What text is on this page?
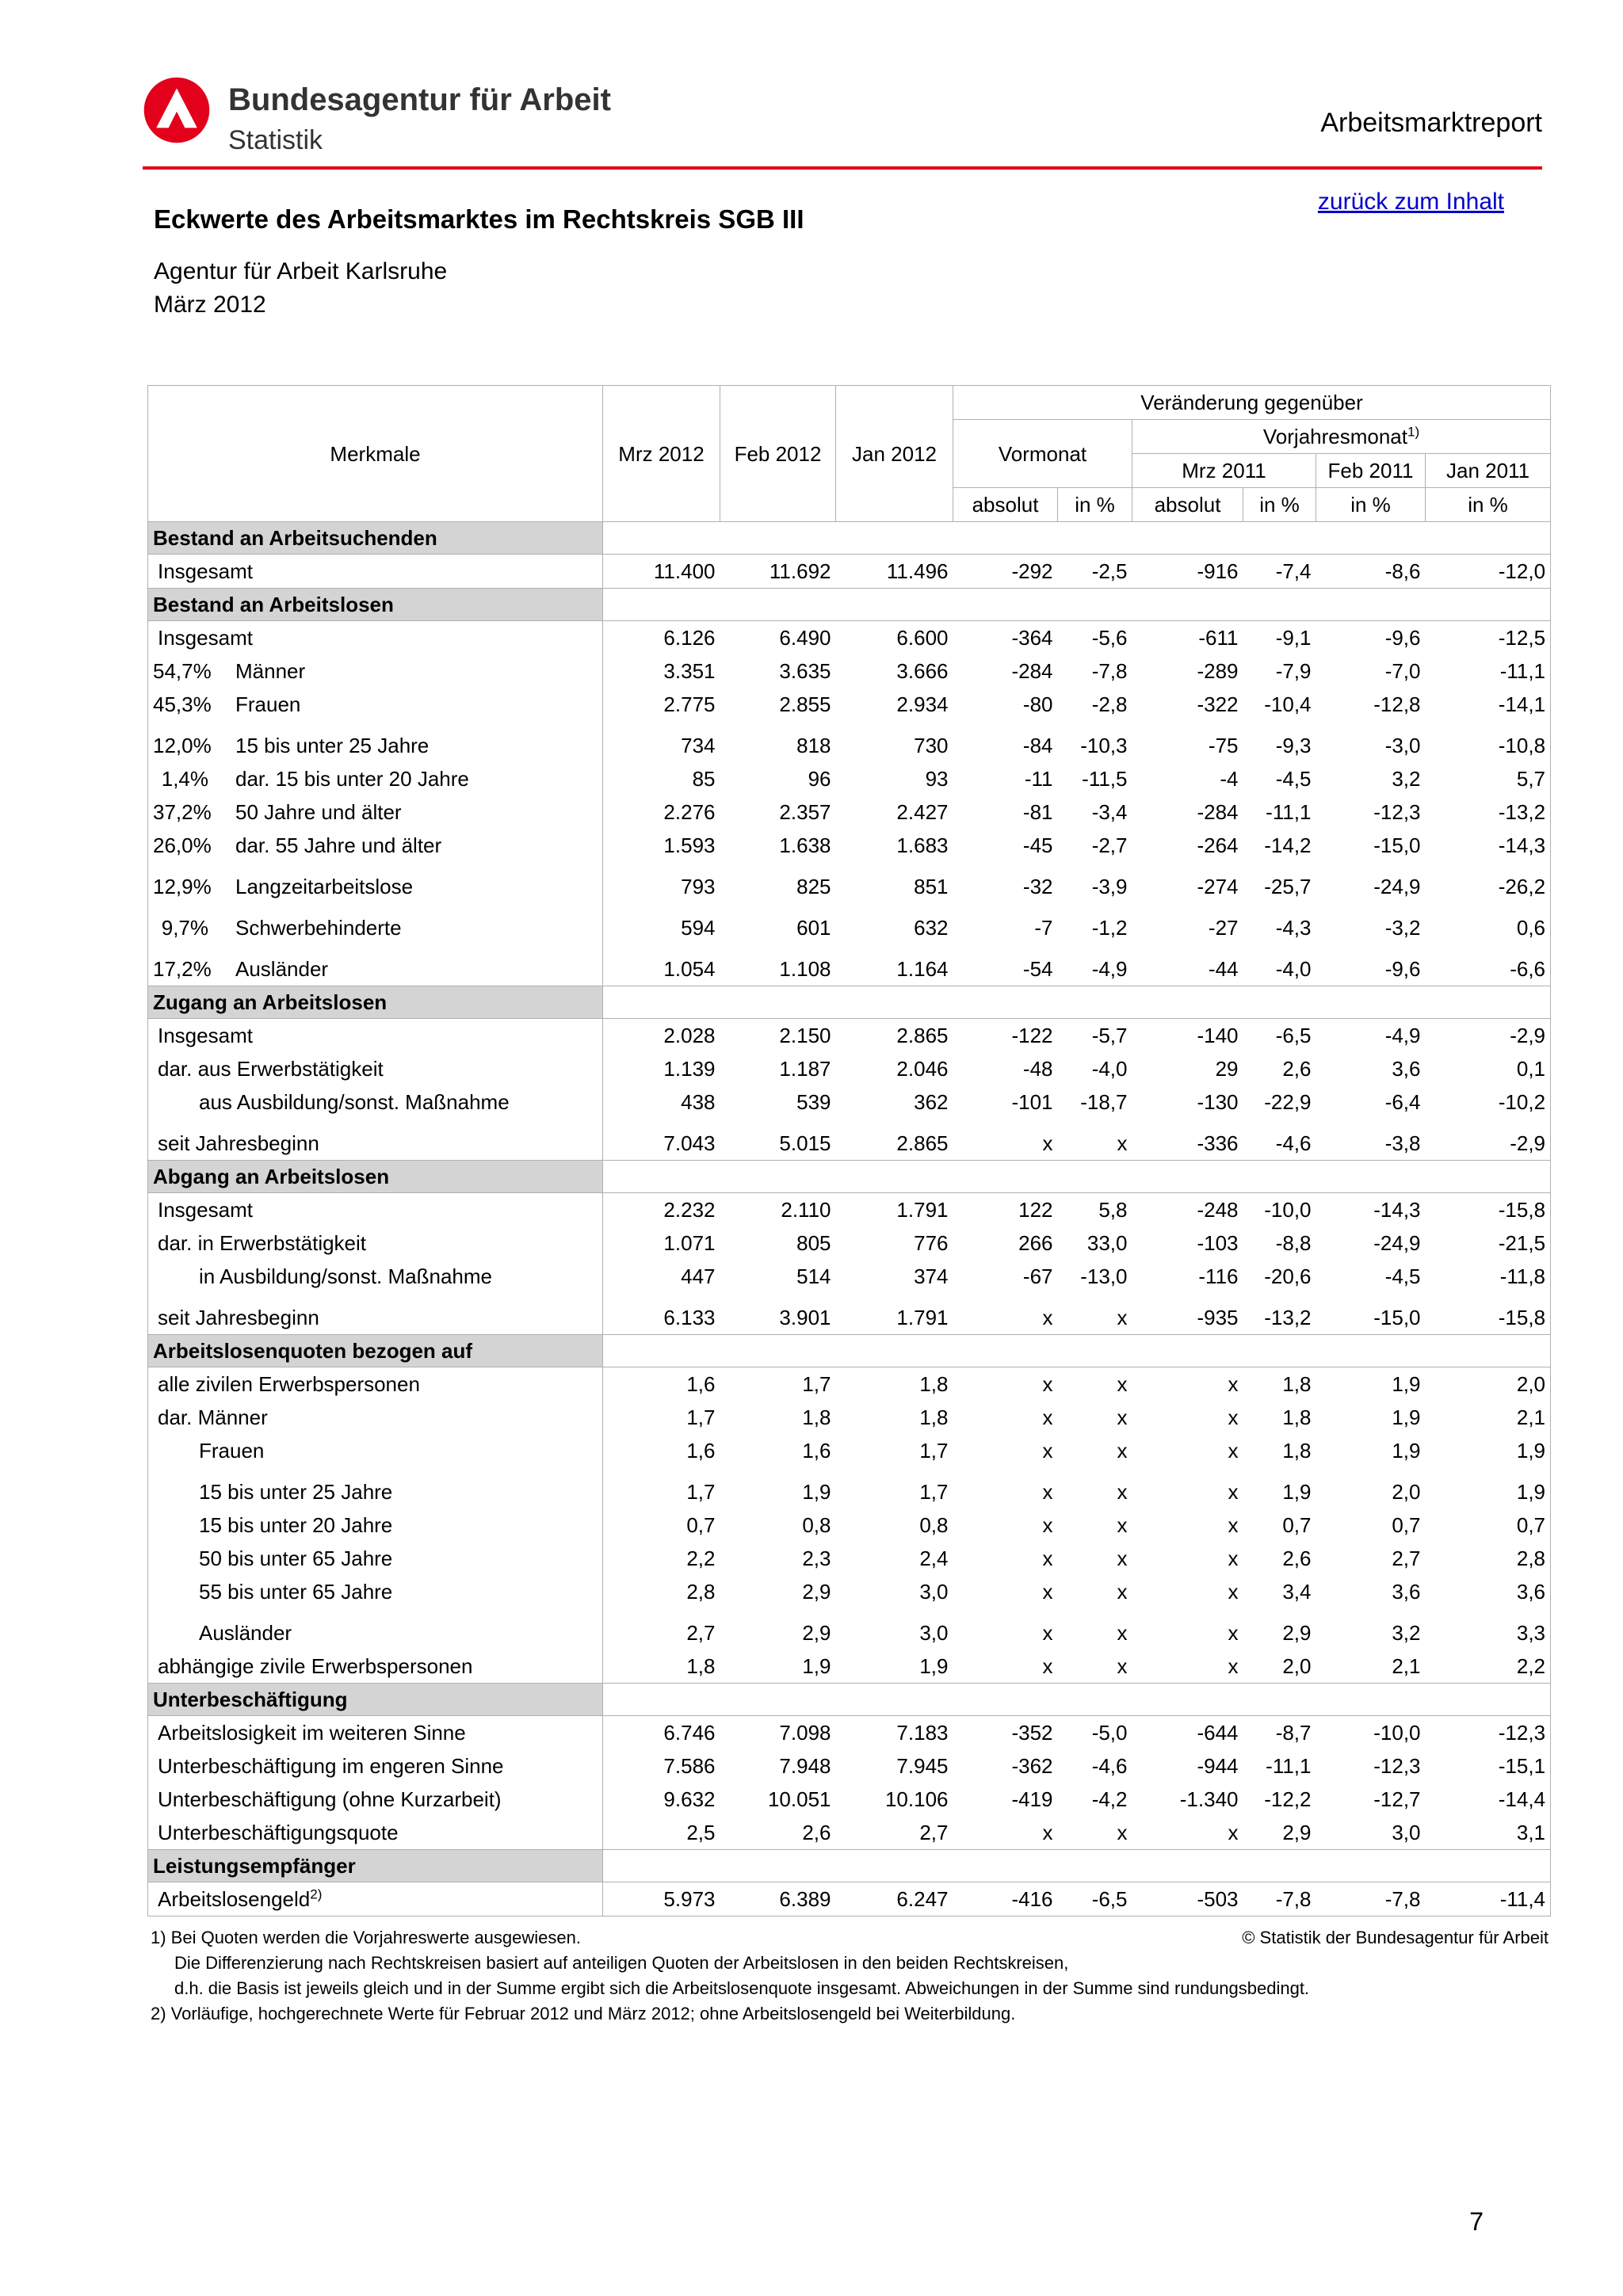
Bundesagentur für Arbeit
Statistik
Arbeitsmarktreport
zurück zum Inhalt
Eckwerte des Arbeitsmarktes im Rechtskreis SGB III
Agentur für Arbeit Karlsruhe
März 2012
Merkmale	Mrz 2012	Feb 2012	Jan 2012	Veränderung gegenüber					
				Vormonat		Vorjahresmonat$^{1)}$
						Mrz 2011		Feb 2011	Jan 2011
				absolut	in %	absolut	in %	in %	in %
Bestand an Arbeitsuchenden									
Insgesamt	11.400	11.692	11.496	-292	-2,5	-916	-7,4	-8,6	-12,0
Bestand an Arbeitslosen									
Insgesamt	6.126	6.490	6.600	-364	-5,6	-611	-9,1	-9,6	-12,5
54,7% Männer	3.351	3.635	3.666	-284	-7,8	-289	-7,9	-7,0	-11,1
45,3% Frauen	2.775	2.855	2.934	-80	-2,8	-322	-10,4	-12,8	-14,1
12,0% 15 bis unter 25 Jahre	734	818	730	-84	-10,3	-75	-9,3	-3,0	-10,8
1,4% dar. 15 bis unter 20 Jahre	85	96	93	-11	-11,5	-4	-4,5	3,2	5,7
37,2% 50 Jahre und älter	2.276	2.357	2.427	-81	-3,4	-284	-11,1	-12,3	-13,2
26,0% dar. 55 Jahre und älter	1.593	1.638	1.683	-45	-2,7	-264	-14,2	-15,0	-14,3
12,9% Langzeitarbeitslose	793	825	851	-32	-3,9	-274	-25,7	-24,9	-26,2
9,7% Schwerbehinderte	594	601	632	-7	-1,2	-27	-4,3	-3,2	0,6
17,2% Ausländer	1.054	1.108	1.164	-54	-4,9	-44	-4,0	-9,6	-6,6
Zugang an Arbeitslosen									
Insgesamt	2.028	2.150	2.865	-122	-5,7	-140	-6,5	-4,9	-2,9
dar. aus Erwerbstätigkeit	1.139	1.187	2.046	-48	-4,0	29	2,6	3,6	0,1
aus Ausbildung/sonst. Maßnahme	438	539	362	-101	-18,7	-130	-22,9	-6,4	-10,2
seit Jahresbeginn	7.043	5.015	2.865	x	x	-336	-4,6	-3,8	-2,9
Abgang an Arbeitslosen									
Insgesamt	2.232	2.110	1.791	122	5,8	-248	-10,0	-14,3	-15,8
dar. in Erwerbstätigkeit	1.071	805	776	266	33,0	-103	-8,8	-24,9	-21,5
in Ausbildung/sonst. Maßnahme	447	514	374	-67	-13,0	-116	-20,6	-4,5	-11,8
seit Jahresbeginn	6.133	3.901	1.791	x	x	-935	-13,2	-15,0	-15,8
Arbeitslosenquoten bezogen auf									
alle zivilen Erwerbspersonen	1,6	1,7	1,8	x	x	x	1,8	1,9	2,0
dar. Männer	1,7	1,8	1,8	x	x	x	1,8	1,9	2,1
Frauen	1,6	1,6	1,7	x	x	x	1,8	1,9	1,9
15 bis unter 25 Jahre	1,7	1,9	1,7	x	x	x	1,9	2,0	1,9
15 bis unter 20 Jahre	0,7	0,8	0,8	x	x	x	0,7	0,7	0,7
50 bis unter 65 Jahre	2,2	2,3	2,4	x	x	x	2,6	2,7	2,8
55 bis unter 65 Jahre	2,8	2,9	3,0	x	x	x	3,4	3,6	3,6
Ausländer	2,7	2,9	3,0	x	x	x	2,9	3,2	3,3
abhängige zivile Erwerbspersonen	1,8	1,9	1,9	x	x	x	2,0	2,1	2,2
Unterbeschäftigung									
Arbeitslosigkeit im weiteren Sinne	6.746	7.098	7.183	-352	-5,0	-644	-8,7	-10,0	-12,3
Unterbeschäftigung im engeren Sinne	7.586	7.948	7.945	-362	-4,6	-944	-11,1	-12,3	-15,1
Unterbeschäftigung (ohne Kurzarbeit)	9.632	10.051	10.106	-419	-4,2	-1.340	-12,2	-12,7	-14,4
Unterbeschäftigungsquote	2,5	2,6	2,7	x	x	x	2,9	3,0	3,1
Leistungsempfänger									
Arbeitslosengeld$^{2)}$	5.973	6.389	6.247	-416	-6,5	-503	-7,8	-7,8	-11,4
1) Bei Quoten werden die Vorjahreswerte ausgewiesen.
Die Differenzierung nach Rechtskreisen basiert auf anteiligen Quoten der Arbeitslosen in den beiden Rechtskreisen,
d.h. die Basis ist jeweils gleich und in der Summe ergibt sich die Arbeitslosenquote insgesamt. Abweichungen in der Summe sind rundungsbedingt.
2) Vorläufige, hochgerechnete Werte für Februar 2012 und März 2012; ohne Arbeitslosengeld bei Weiterbildung.
© Statistik der Bundesagentur für Arbeit
7
